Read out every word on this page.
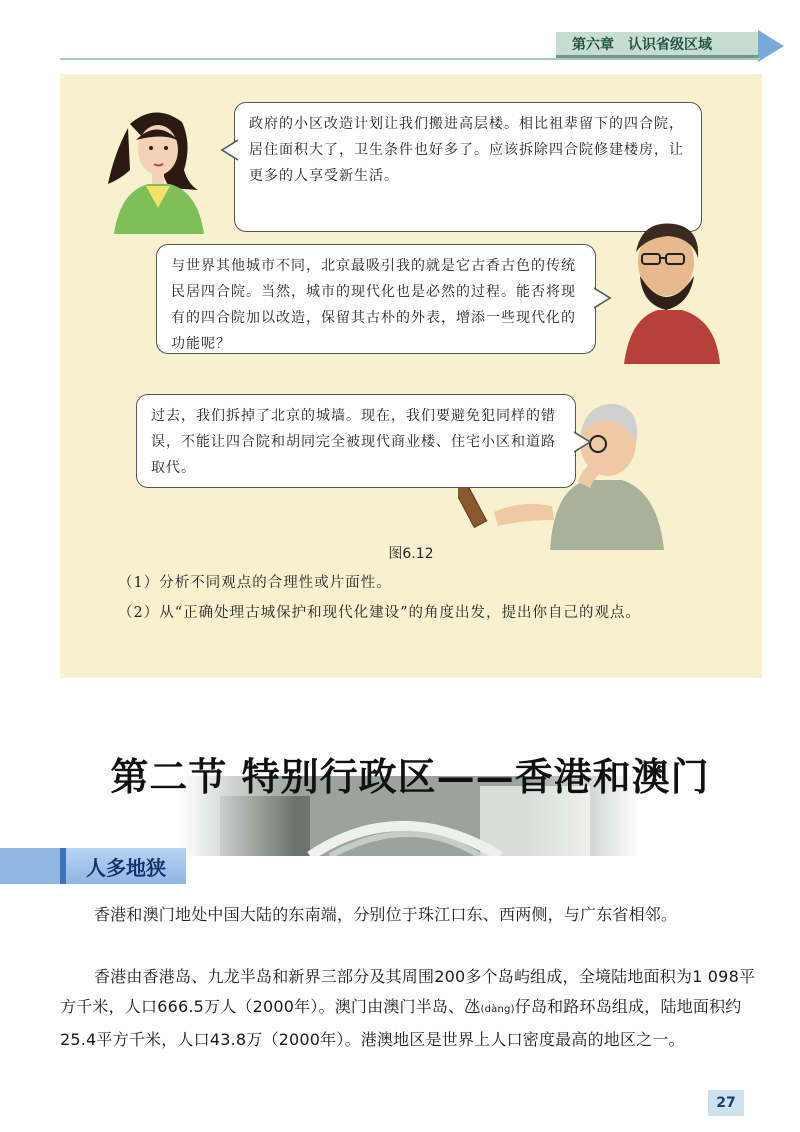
第六章 认识省级区域
政府的小区改造计划让我们搬进高层楼。相比祖辈留下的四合院，居住面积大了，卫生条件也好多了。应该拆除四合院修建楼房，让更多的人享受新生活。
与世界其他城市不同，北京最吸引我的就是它古香古色的传统民居四合院。当然，城市的现代化也是必然的过程。能否将现有的四合院加以改造，保留其古朴的外表，增添一些现代化的功能呢？
过去，我们拆掉了北京的城墙。现在，我们要避免犯同样的错误，不能让四合院和胡同完全被现代商业楼、住宅小区和道路取代。
（1）分析不同观点的合理性或片面性。
（2）从“正确处理古城保护和现代化建设”的角度出发，提出你自己的观点。
图6.12
第二节 特别行政区——香港和澳门
人多地狭
香港和澳门地处中国大陆的东南端，分别位于珠江口东、西两侧，与广东省相邻。
香港由香港岛、九龙半岛和新界三部分及其周围200多个岛屿组成，全境陆地面积为1 098平方千米，人口666.5万人（2000年）。澳门由澳门半岛、氹(dàng)仔岛和路环岛组成，陆地面积约25.4平方千米，人口43.8万（2000年）。港澳地区是世界上人口密度最高的地区之一。
27
